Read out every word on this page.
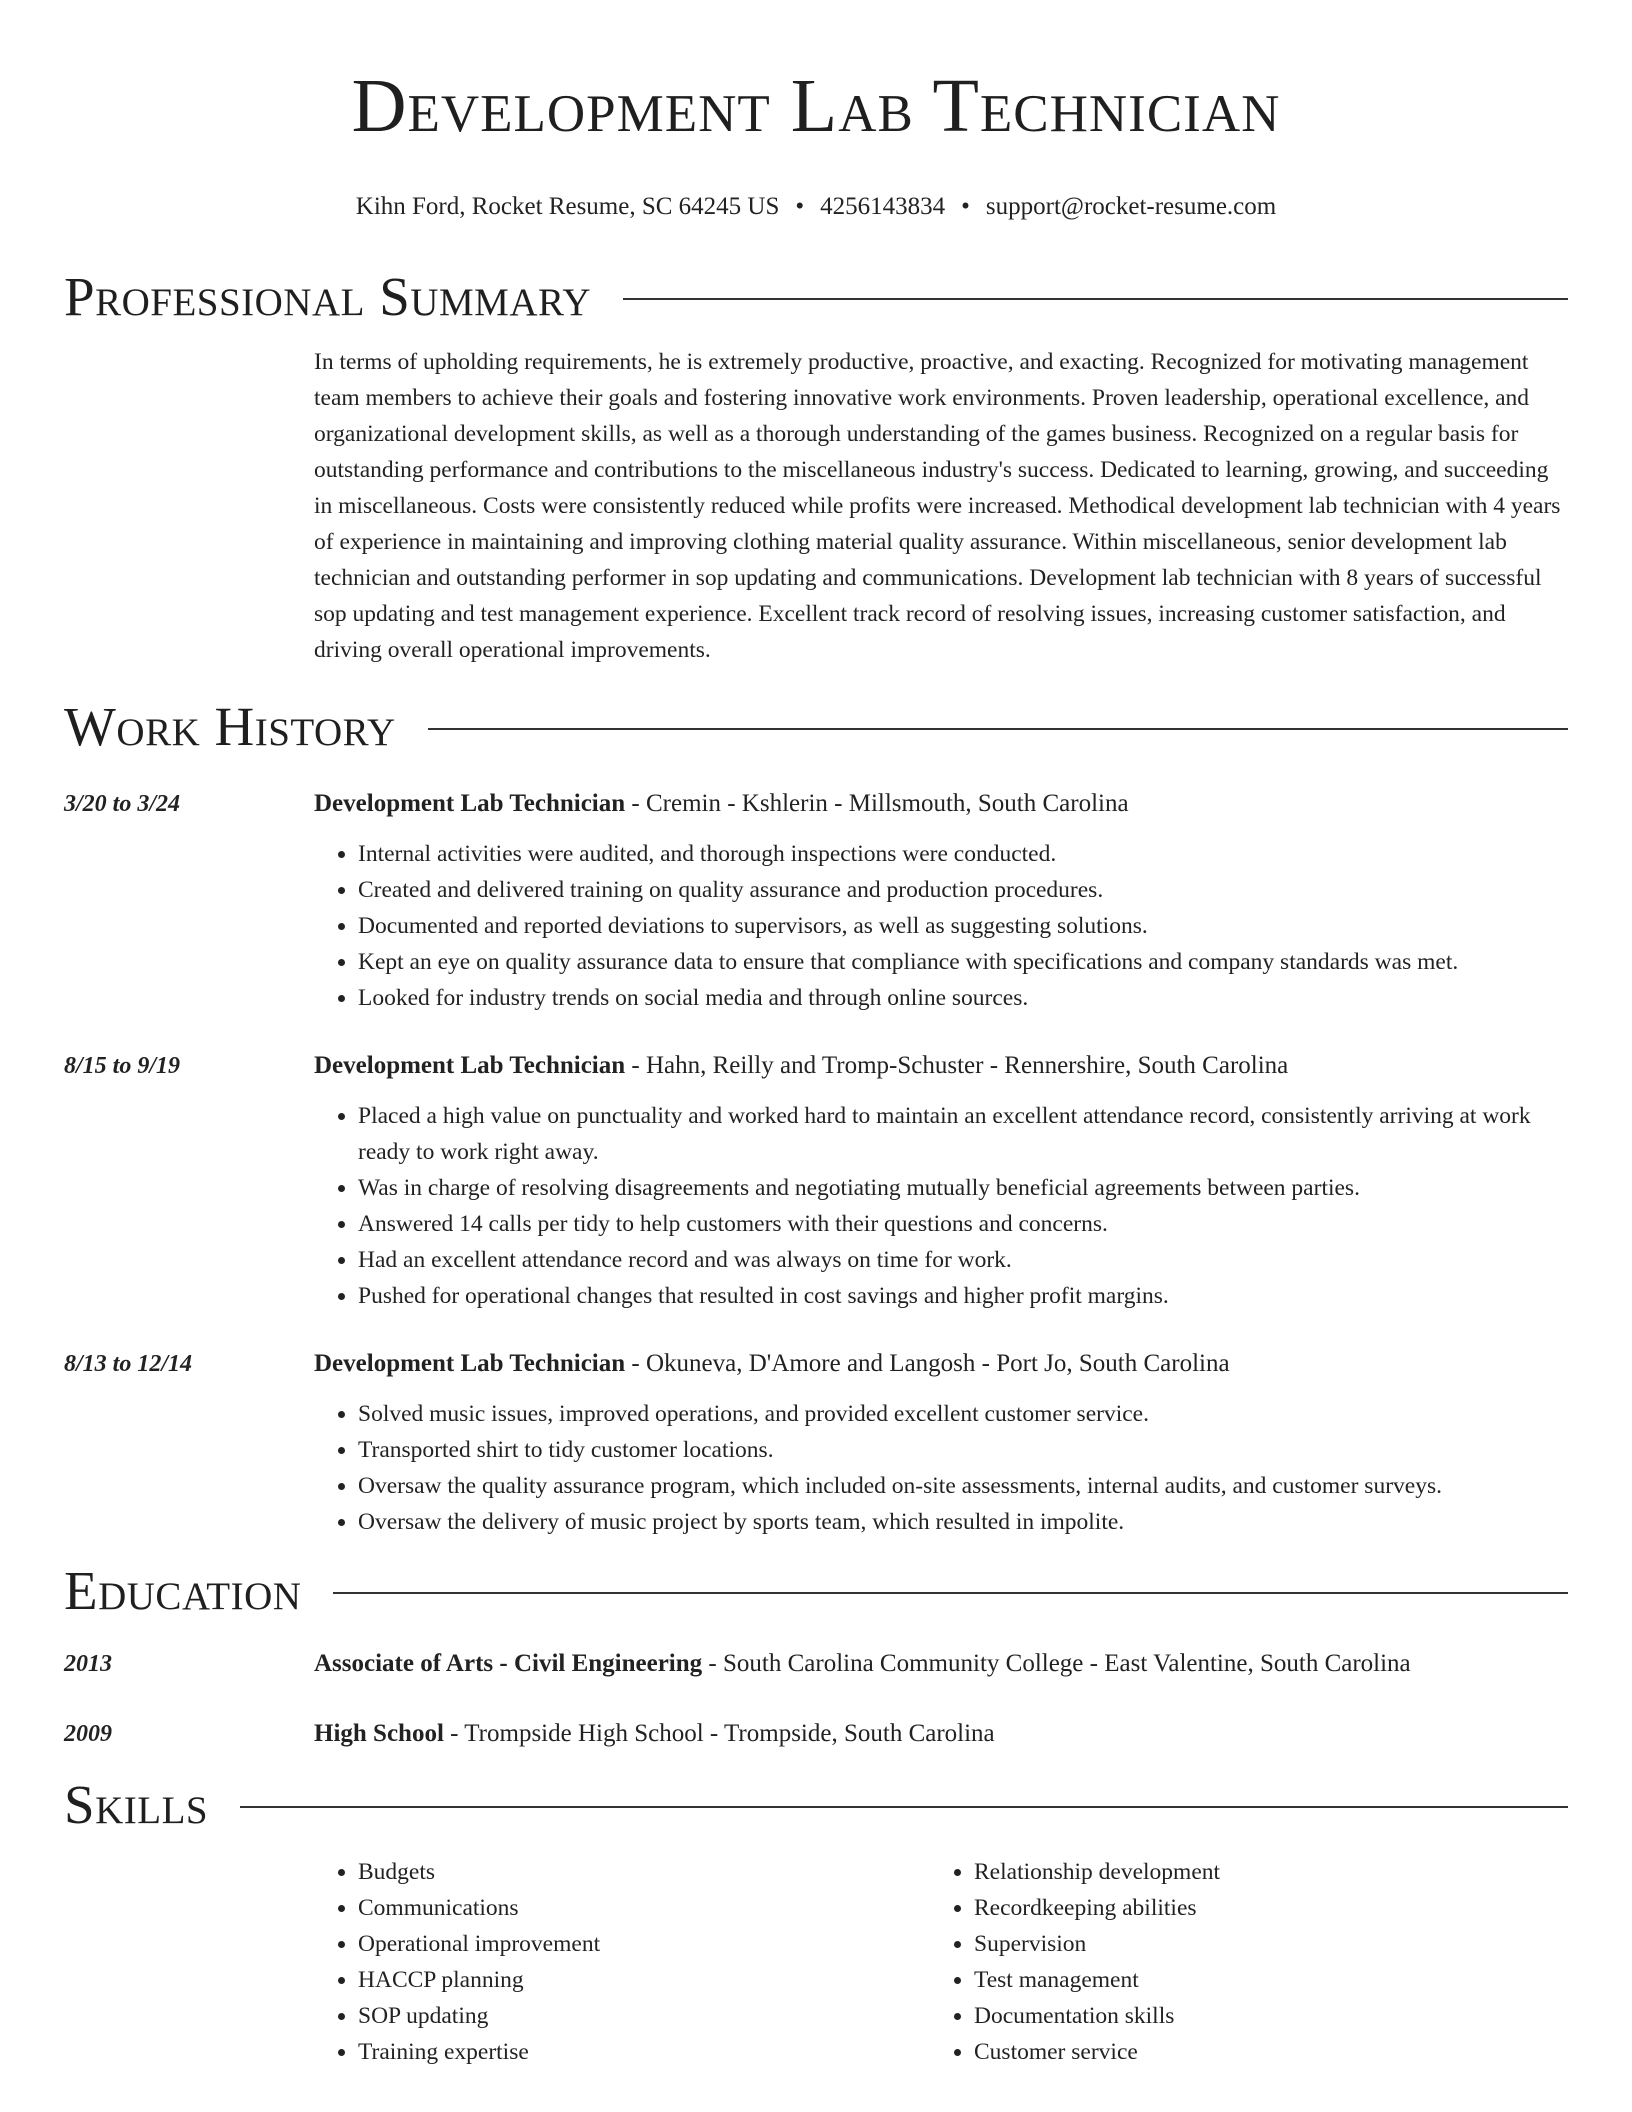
Development Lab Technician
Kihn Ford, Rocket Resume, SC 64245 US • 4256143834 • support@rocket-resume.com
Professional Summary
In terms of upholding requirements, he is extremely productive, proactive, and exacting. Recognized for motivating management team members to achieve their goals and fostering innovative work environments. Proven leadership, operational excellence, and organizational development skills, as well as a thorough understanding of the games business. Recognized on a regular basis for outstanding performance and contributions to the miscellaneous industry's success. Dedicated to learning, growing, and succeeding in miscellaneous. Costs were consistently reduced while profits were increased. Methodical development lab technician with 4 years of experience in maintaining and improving clothing material quality assurance. Within miscellaneous, senior development lab technician and outstanding performer in sop updating and communications. Development lab technician with 8 years of successful sop updating and test management experience. Excellent track record of resolving issues, increasing customer satisfaction, and driving overall operational improvements.
Work History
3/20 to 3/24	Development Lab Technician - Cremin - Kshlerin - Millsmouth, South Carolina
• Internal activities were audited, and thorough inspections were conducted.
• Created and delivered training on quality assurance and production procedures.
• Documented and reported deviations to supervisors, as well as suggesting solutions.
• Kept an eye on quality assurance data to ensure that compliance with specifications and company standards was met.
• Looked for industry trends on social media and through online sources.
8/15 to 9/19	Development Lab Technician - Hahn, Reilly and Tromp-Schuster - Rennershire, South Carolina
• Placed a high value on punctuality and worked hard to maintain an excellent attendance record, consistently arriving at work ready to work right away.
• Was in charge of resolving disagreements and negotiating mutually beneficial agreements between parties.
• Answered 14 calls per tidy to help customers with their questions and concerns.
• Had an excellent attendance record and was always on time for work.
• Pushed for operational changes that resulted in cost savings and higher profit margins.
8/13 to 12/14	Development Lab Technician - Okuneva, D'Amore and Langosh - Port Jo, South Carolina
• Solved music issues, improved operations, and provided excellent customer service.
• Transported shirt to tidy customer locations.
• Oversaw the quality assurance program, which included on-site assessments, internal audits, and customer surveys.
• Oversaw the delivery of music project by sports team, which resulted in impolite.
Education
2013	Associate of Arts - Civil Engineering - South Carolina Community College - East Valentine, South Carolina
2009	High School - Trompside High School - Trompside, South Carolina
Skills
• Budgets
• Communications
• Operational improvement
• HACCP planning
• SOP updating
• Training expertise
• Relationship development
• Recordkeeping abilities
• Supervision
• Test management
• Documentation skills
• Customer service
